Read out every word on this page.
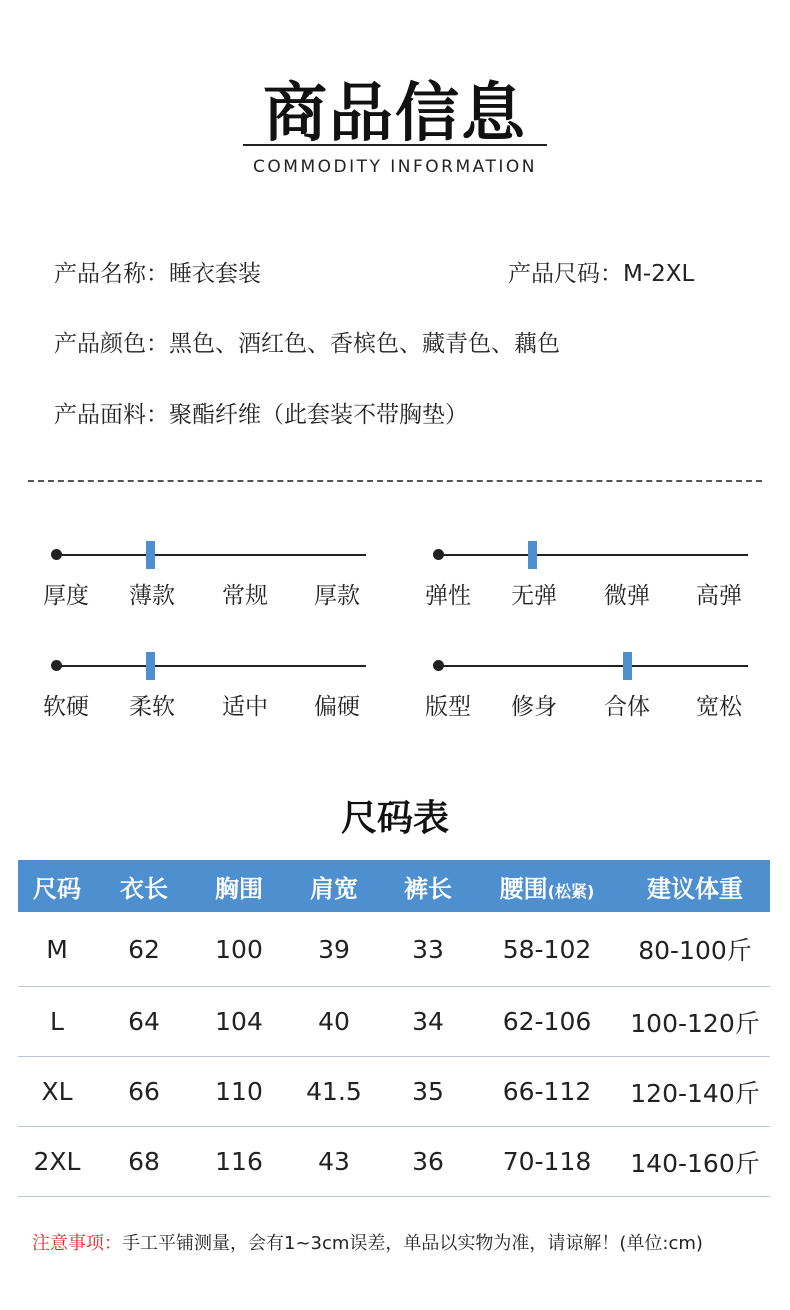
商品信息
COMMODITY INFORMATION
产品名称：睡衣套装	产品尺码：M-2XL
产品颜色：黑色、酒红色、香槟色、藏青色、藕色
产品面料：聚酯纤维（此套装不带胸垫）
厚度 薄款 常规 厚款	弹性 无弹 微弹 高弹
软硬 柔软 适中 偏硬	版型 修身 合体 宽松
尺码表
尺码	衣长	胸围	肩宽	裤长	腰围(松紧)	建议体重
M	62	100	39	33	58-102	80-100斤
L	64	104	40	34	62-106	100-120斤
XL	66	110	41.5	35	66-112	120-140斤
2XL	68	116	43	36	70-118	140-160斤
注意事项：手工平铺测量，会有1~3cm误差，单品以实物为准，请谅解！(单位:cm)
